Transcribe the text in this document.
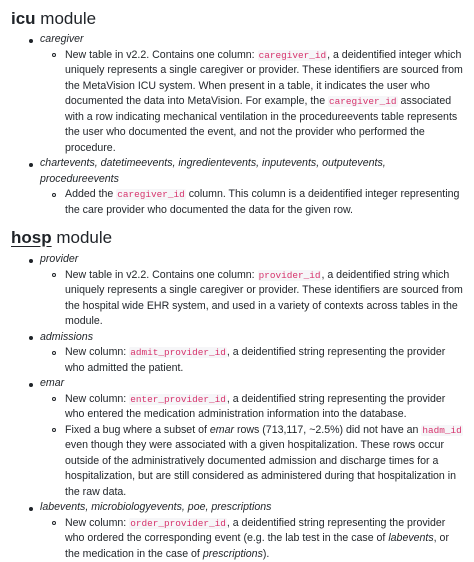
icu module
caregiver
New table in v2.2. Contains one column: caregiver_id, a deidentified integer which uniquely represents a single caregiver or provider. These identifiers are sourced from the MetaVision ICU system. When present in a table, it indicates the user who documented the data into MetaVision. For example, the caregiver_id associated with a row indicating mechanical ventilation in the procedureevents table represents the user who documented the event, and not the provider who performed the procedure.
chartevents, datetimeevents, ingredientevents, inputevents, outputevents, procedureevents
Added the caregiver_id column. This column is a deidentified integer representing the care provider who documented the data for the given row.
hosp module
provider
New table in v2.2. Contains one column: provider_id, a deidentified string which uniquely represents a single caregiver or provider. These identifiers are sourced from the hospital wide EHR system, and used in a variety of contexts across tables in the module.
admissions
New column: admit_provider_id, a deidentified string representing the provider who admitted the patient.
emar
New column: enter_provider_id, a deidentified string representing the provider who entered the medication administration information into the database.
Fixed a bug where a subset of emar rows (713,117, ~2.5%) did not have an hadm_id even though they were associated with a given hospitalization. These rows occur outside of the administratively documented admission and discharge times for a hospitalization, but are still considered as administered during that hospitalization in the raw data.
labevents, microbiologyevents, poe, prescriptions
New column: order_provider_id, a deidentified string representing the provider who ordered the corresponding event (e.g. the lab test in the case of labevents, or the medication in the case of prescriptions).
